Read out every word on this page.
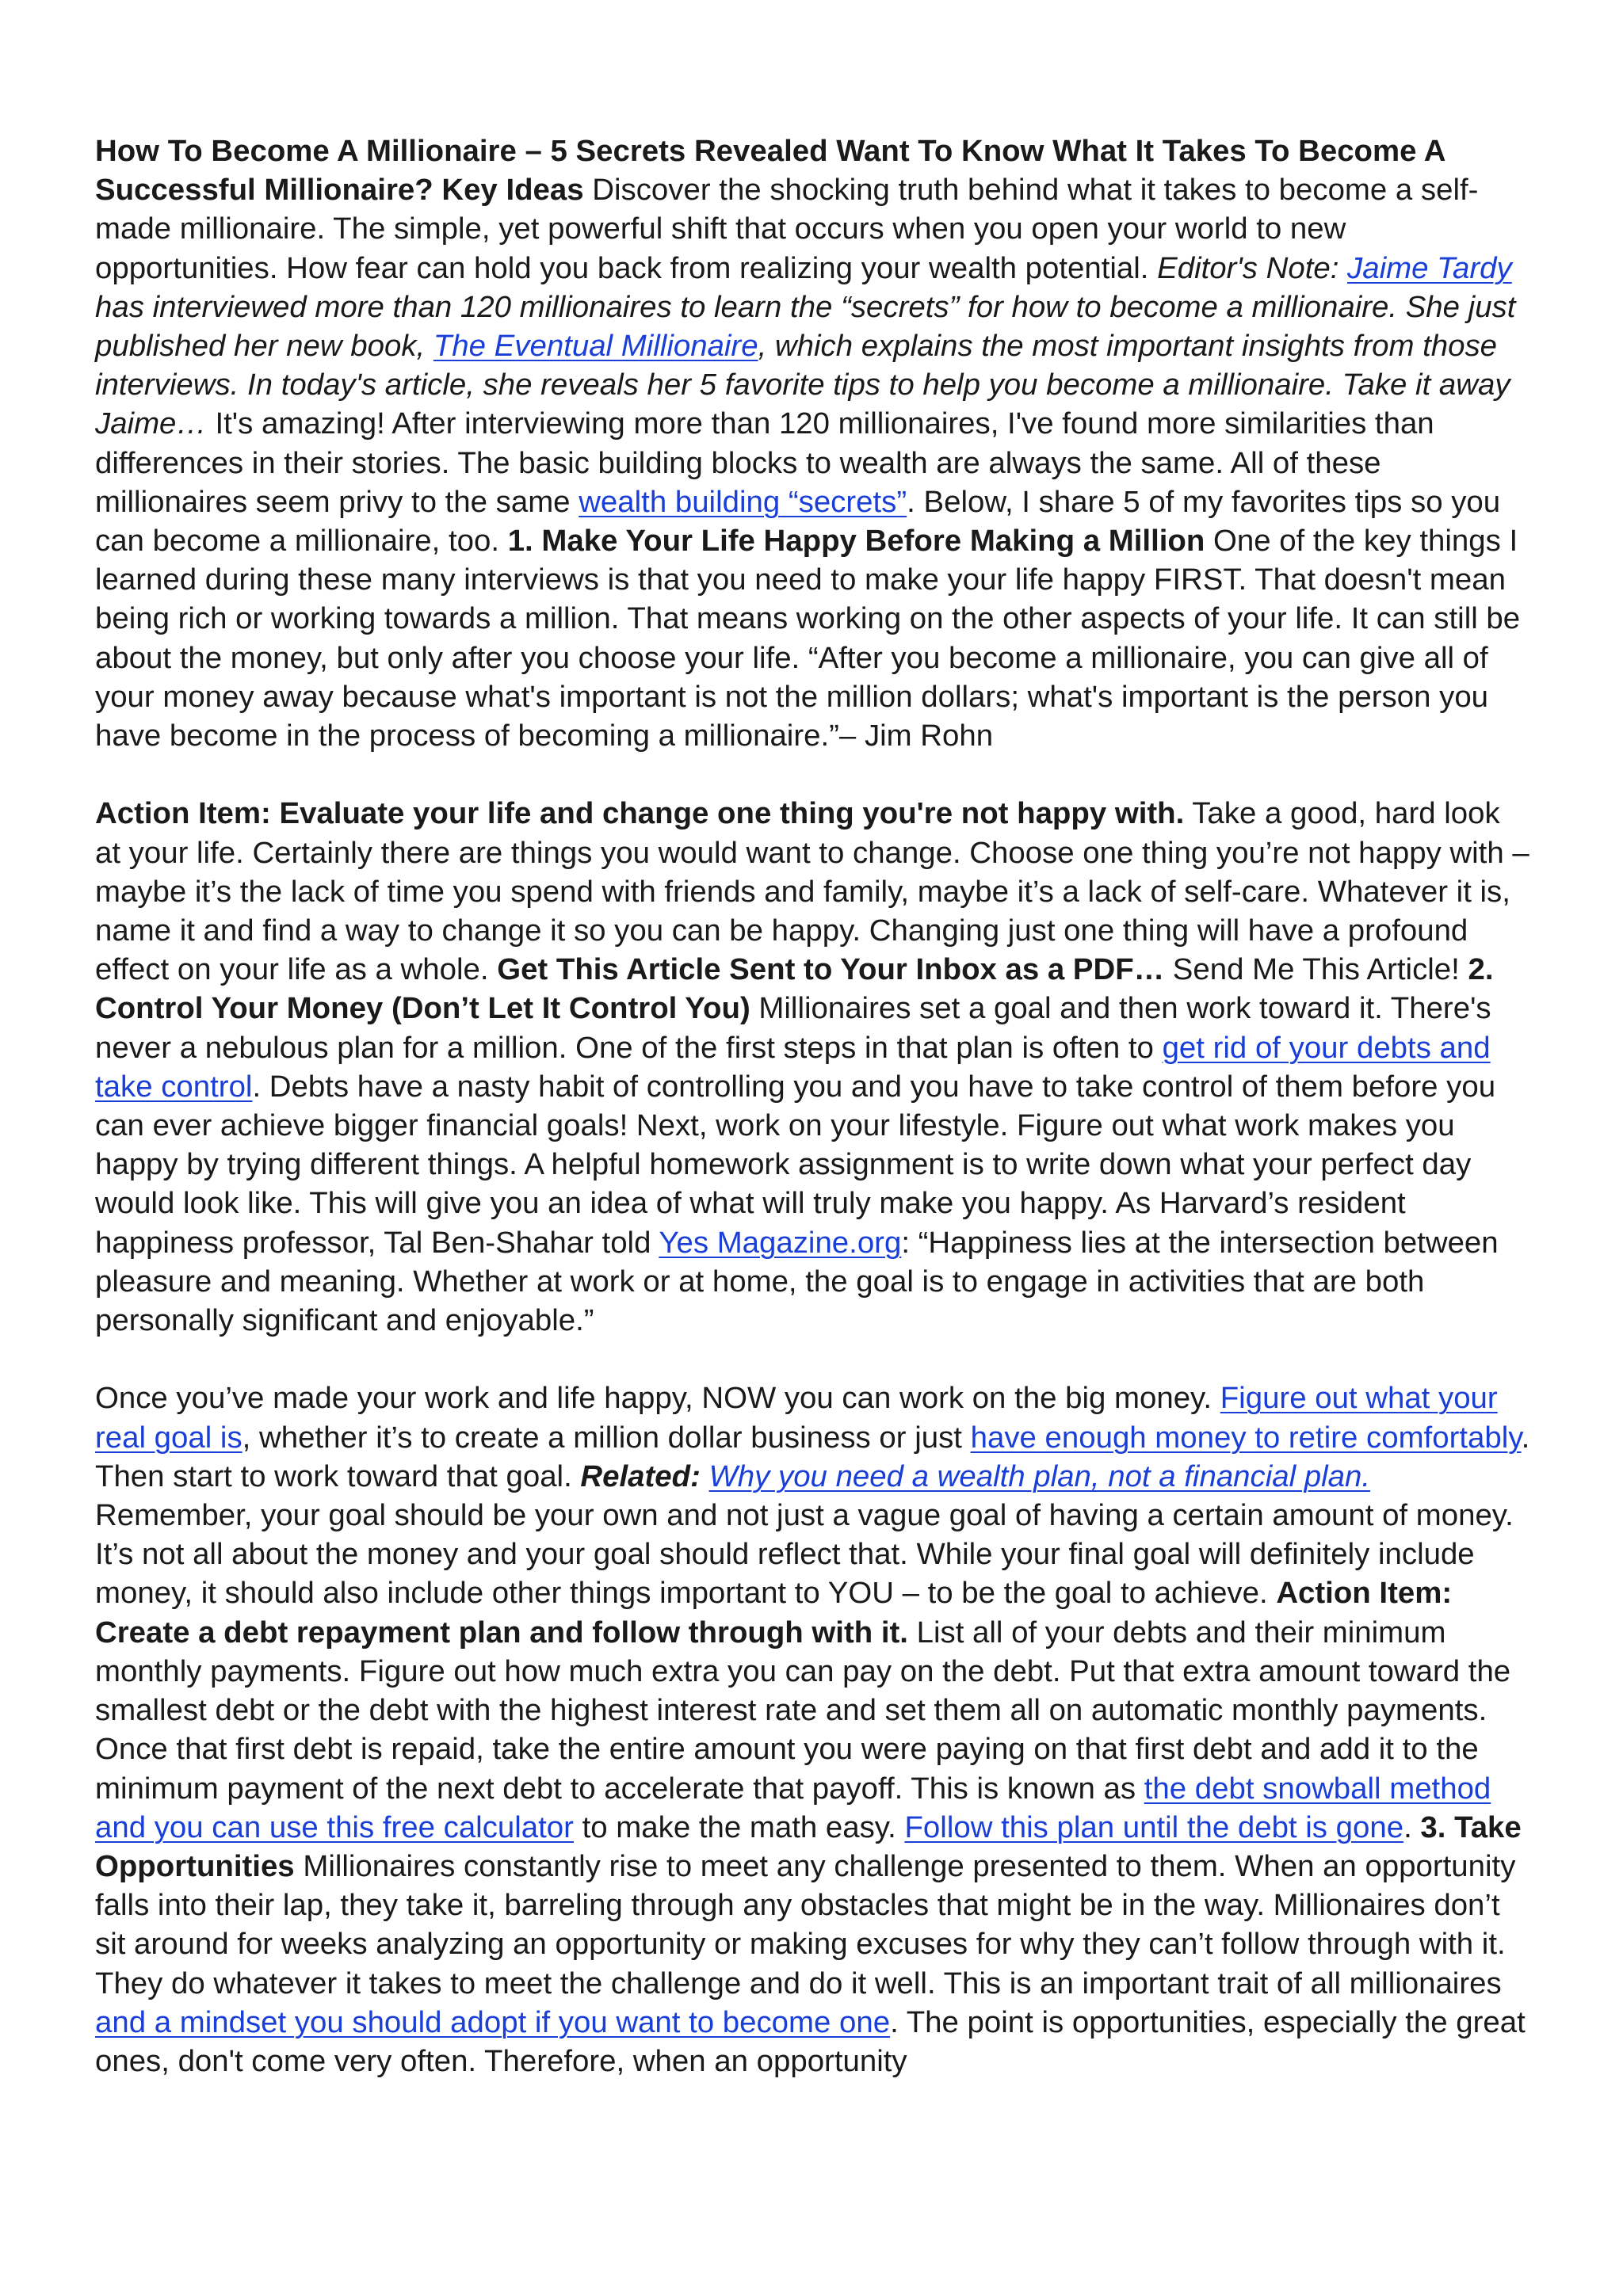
How To Become A Millionaire – 5 Secrets Revealed Want To Know What It Takes To Become A Successful Millionaire? Key Ideas Discover the shocking truth behind what it takes to become a self-made millionaire. The simple, yet powerful shift that occurs when you open your world to new opportunities. How fear can hold you back from realizing your wealth potential. Editor's Note: Jaime Tardy has interviewed more than 120 millionaires to learn the “secrets” for how to become a millionaire. She just published her new book, The Eventual Millionaire, which explains the most important insights from those interviews. In today's article, she reveals her 5 favorite tips to help you become a millionaire. Take it away Jaime… It's amazing! After interviewing more than 120 millionaires, I've found more similarities than differences in their stories. The basic building blocks to wealth are always the same. All of these millionaires seem privy to the same wealth building “secrets”. Below, I share 5 of my favorites tips so you can become a millionaire, too. 1. Make Your Life Happy Before Making a Million One of the key things I learned during these many interviews is that you need to make your life happy FIRST. That doesn't mean being rich or working towards a million. That means working on the other aspects of your life. It can still be about the money, but only after you choose your life. “After you become a millionaire, you can give all of your money away because what's important is not the million dollars; what's important is the person you have become in the process of becoming a millionaire.”– Jim Rohn

Action Item: Evaluate your life and change one thing you're not happy with. Take a good, hard look at your life. Certainly there are things you would want to change. Choose one thing you’re not happy with – maybe it’s the lack of time you spend with friends and family, maybe it’s a lack of self-care. Whatever it is, name it and find a way to change it so you can be happy. Changing just one thing will have a profound effect on your life as a whole. Get This Article Sent to Your Inbox as a PDF… Send Me This Article! 2. Control Your Money (Don’t Let It Control You) Millionaires set a goal and then work toward it. There's never a nebulous plan for a million. One of the first steps in that plan is often to get rid of your debts and take control. Debts have a nasty habit of controlling you and you have to take control of them before you can ever achieve bigger financial goals! Next, work on your lifestyle. Figure out what work makes you happy by trying different things. A helpful homework assignment is to write down what your perfect day would look like. This will give you an idea of what will truly make you happy. As Harvard’s resident happiness professor, Tal Ben-Shahar told Yes Magazine.org: “Happiness lies at the intersection between pleasure and meaning. Whether at work or at home, the goal is to engage in activities that are both personally significant and enjoyable.”

Once you’ve made your work and life happy, NOW you can work on the big money. Figure out what your real goal is, whether it’s to create a million dollar business or just have enough money to retire comfortably. Then start to work toward that goal. Related: Why you need a wealth plan, not a financial plan. Remember, your goal should be your own and not just a vague goal of having a certain amount of money. It’s not all about the money and your goal should reflect that. While your final goal will definitely include money, it should also include other things important to YOU – to be the goal to achieve. Action Item: Create a debt repayment plan and follow through with it. List all of your debts and their minimum monthly payments. Figure out how much extra you can pay on the debt. Put that extra amount toward the smallest debt or the debt with the highest interest rate and set them all on automatic monthly payments. Once that first debt is repaid, take the entire amount you were paying on that first debt and add it to the minimum payment of the next debt to accelerate that payoff. This is known as the debt snowball method and you can use this free calculator to make the math easy. Follow this plan until the debt is gone. 3. Take Opportunities Millionaires constantly rise to meet any challenge presented to them. When an opportunity falls into their lap, they take it, barreling through any obstacles that might be in the way. Millionaires don’t sit around for weeks analyzing an opportunity or making excuses for why they can’t follow through with it. They do whatever it takes to meet the challenge and do it well. This is an important trait of all millionaires and a mindset you should adopt if you want to become one. The point is opportunities, especially the great ones, don't come very often. Therefore, when an opportunity
